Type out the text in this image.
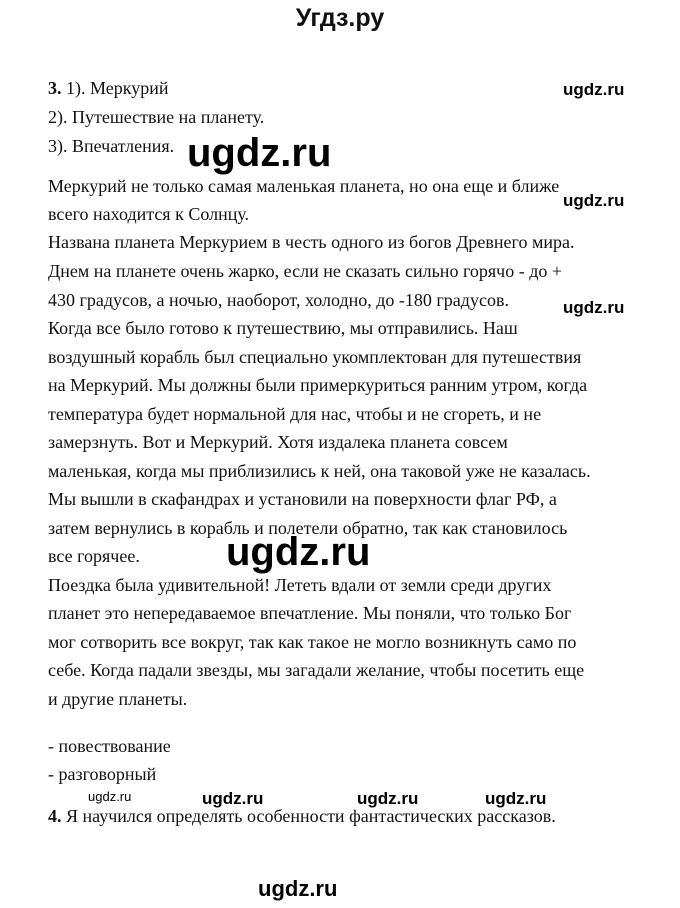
Угдз.ру
3. 1). Меркурий
2). Путешествие на планету.
3). Впечатления.
Меркурий не только самая маленькая планета, но она еще и ближе
всего находится к Солнцу.
Названа планета Меркурием в честь одного из богов Древнего мира.
Днем на планете очень жарко, если не сказать сильно горячо - до +
430 градусов, а ночью, наоборот, холодно, до -180 градусов.
Когда все было готово к путешествию, мы отправились. Наш
воздушный корабль был специально укомплектован для путешествия
на Меркурий. Мы должны были примеркуриться ранним утром, когда
температура будет нормальной для нас, чтобы и не сгореть, и не
замерзнуть. Вот и Меркурий. Хотя издалека планета совсем
маленькая, когда мы приблизились к ней, она таковой уже не казалась.
Мы вышли в скафандрах и установили на поверхности флаг РФ, а
затем вернулись в корабль и полетели обратно, так как становилось
все горячее.
Поездка была удивительной! Лететь вдали от земли среди других
планет это непередаваемое впечатление. Мы поняли, что только Бог
мог сотворить все вокруг, так как такое не могло возникнуть само по
себе. Когда падали звезды, мы загадали желание, чтобы посетить еще
и другие планеты.
- повествование
- разговорный
4. Я научился определять особенности фантастических рассказов.
ugdz.ru
ugdz.ru
ugdz.ru
ugdz.ru
ugdz.ru
ugdz.ru	ugdz.ru	ugdz.ru	ugdz.ru
ugdz.ru
